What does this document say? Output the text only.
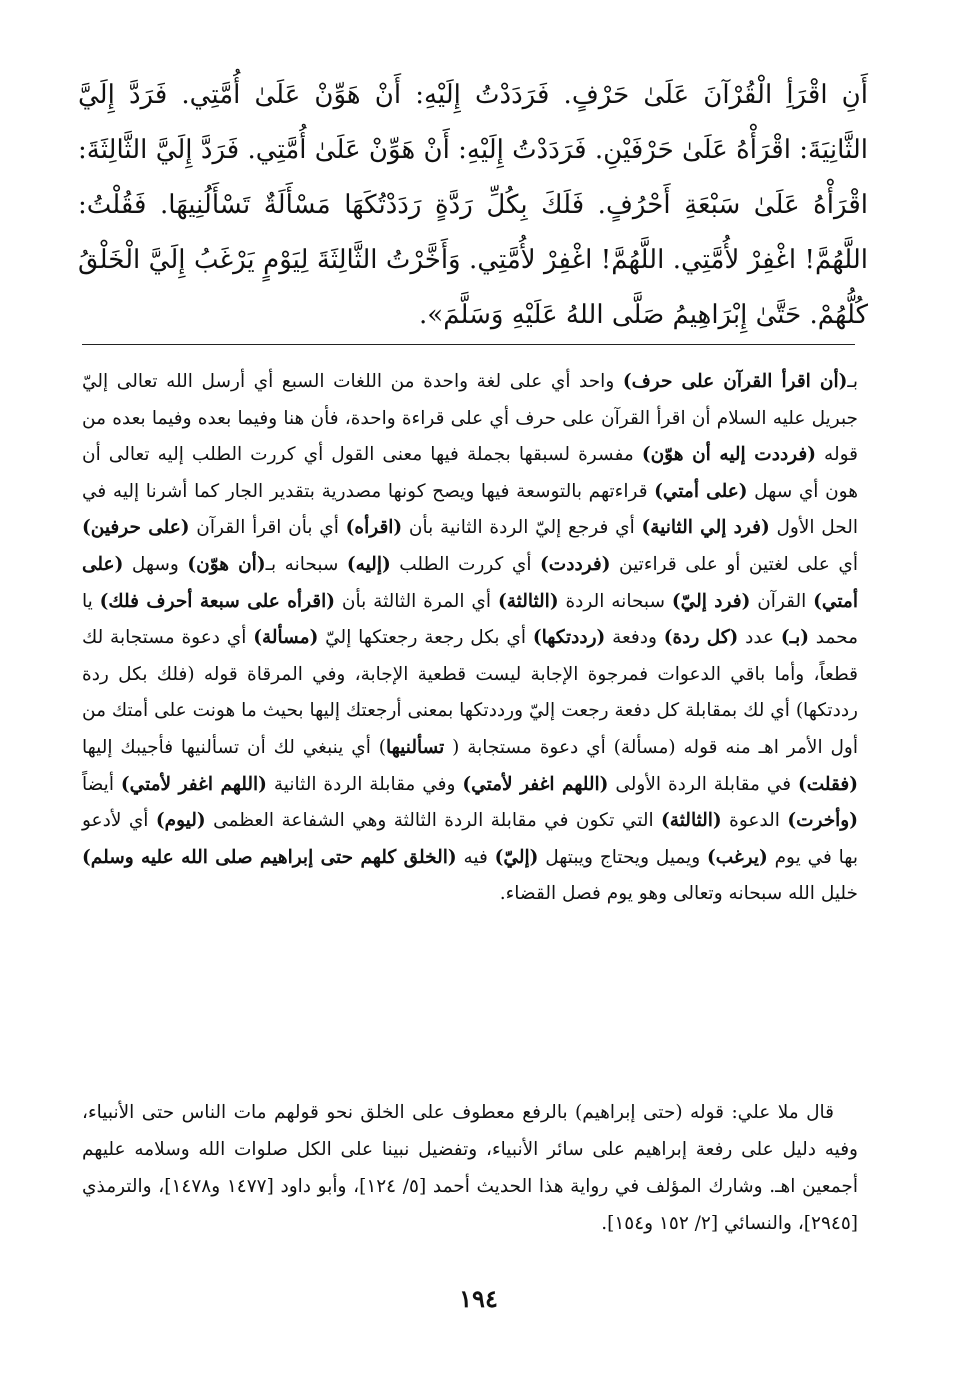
أَنِ اقْرَأِ الْقُرْآنَ عَلَىٰ حَرْفٍ. فَرَدَدْتُ إِلَيْهِ: أَنْ هَوِّنْ عَلَىٰ أُمَّتِي. فَرَدَّ إِلَيَّ الثَّانِيَةَ: اقْرَأْهُ عَلَىٰ حَرْفَيْنِ. فَرَدَدْتُ إِلَيْهِ: أَنْ هَوِّنْ عَلَىٰ أُمَّتِي. فَرَدَّ إِلَيَّ الثَّالِثَةَ: اقْرَأْهُ عَلَىٰ سَبْعَةِ أَحْرُفٍ. فَلَكَ بِكُلِّ رَدَّةٍ رَدَدْتُكَهَا مَسْأَلَةٌ تَسْأَلُنِيهَا. فَقُلْتُ: اللَّهُمَّ! اغْفِرْ لأُمَّتِي. اللَّهُمَّ! اغْفِرْ لأُمَّتِي. وَأَخَّرْتُ الثَّالِثَةَ لِيَوْمٍ يَرْغَبُ إِلَيَّ الْخَلْقُ كُلُّهُمْ. حَتَّىٰ إِبْرَاهِيمُ صَلَّى اللهُ عَلَيْهِ وَسَلَّمَ».

بـ(أن اقرأ القرآن على حرف) واحد أي على لغة واحدة من اللغات السبع أي أرسل الله تعالى إليّ جبريل عليه السلام أن اقرأ القرآن على حرف أي على قراءة واحدة، فأن هنا وفيما بعده وفيما بعده من قوله (فرددت إليه أن هوّن) مفسرة لسبقها بجملة فيها معنى القول أي كررت الطلب إليه تعالى أن هون أي سهل (على أمتي) قراءتهم بالتوسعة فيها ويصح كونها مصدرية بتقدير الجار كما أشرنا إليه في الحل الأول (فرد إلي الثانية) أي فرجع إليّ الردة الثانية بأن (اقرأه) أي بأن اقرأ القرآن (على حرفين) أي على لغتين أو على قراءتين (فرددت) أي كررت الطلب (إليه) سبحانه بـ(أن هوّن) وسهل (على أمتي) القرآن (فرد إليّ) سبحانه الردة (الثالثة) أي المرة الثالثة بأن (اقرأه على سبعة أحرف فلك) يا محمد (بـ) عدد (كل ردة) ودفعة (رددتكها) أي بكل رجعة رجعتكها إليّ (مسألة) أي دعوة مستجابة لك قطعاً، وأما باقي الدعوات فمرجوة الإجابة ليست قطعية الإجابة، وفي المرقاة قوله (فلك بكل ردة رددتكها) أي لك بمقابلة كل دفعة رجعت إليّ ورددتكها بمعنى أرجعتك إليها بحيث ما هونت على أمتك من أول الأمر اهـ منه قوله (مسألة) أي دعوة مستجابة ( تسألنيها) أي ينبغي لك أن تسألنيها فأجيبك إليها (فقلت) في مقابلة الردة الأولى (اللهم اغفر لأمتي) وفي مقابلة الردة الثانية (اللهم اغفر لأمتي) أيضاً (وأخرت) الدعوة (الثالثة) التي تكون في مقابلة الردة الثالثة وهي الشفاعة العظمى (ليوم) أي لأدعو بها في يوم (يرغب) ويميل ويحتاج ويبتهل (إليّ) فيه (الخلق كلهم حتى إبراهيم صلى الله عليه وسلم) خليل الله سبحانه وتعالى وهو يوم فصل القضاء.

قال ملا علي: قوله (حتى إبراهيم) بالرفع معطوف على الخلق نحو قولهم مات الناس حتى الأنبياء، وفيه دليل على رفعة إبراهيم على سائر الأنبياء، وتفضيل نبينا على الكل صلوات الله وسلامه عليهم أجمعين اهـ. وشارك المؤلف في رواية هذا الحديث أحمد [٥/ ١٢٤]، وأبو داود [١٤٧٧ و١٤٧٨]، والترمذي [٢٩٤٥]، والنسائي [٢/ ١٥٢ و١٥٤].

١٩٤
